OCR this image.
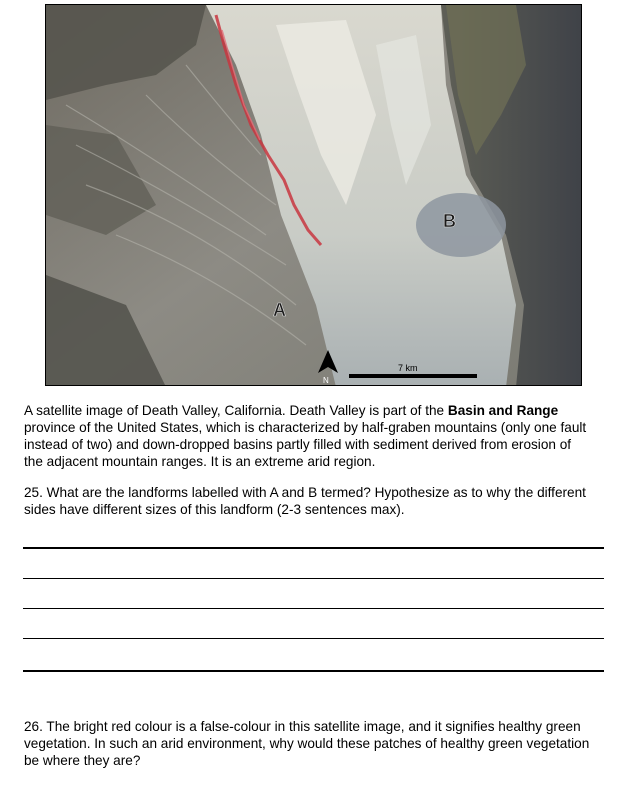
A
B
N
7 km
A satellite image of Death Valley, California. Death Valley is part of the Basin and Range province of the United States, which is characterized by half-graben mountains (only one fault instead of two) and down-dropped basins partly filled with sediment derived from erosion of the adjacent mountain ranges. It is an extreme arid region.
25. What are the landforms labelled with A and B termed? Hypothesize as to why the different sides have different sizes of this landform (2-3 sentences max).
26. The bright red colour is a false-colour in this satellite image, and it signifies healthy green vegetation. In such an arid environment, why would these patches of healthy green vegetation be where they are?
